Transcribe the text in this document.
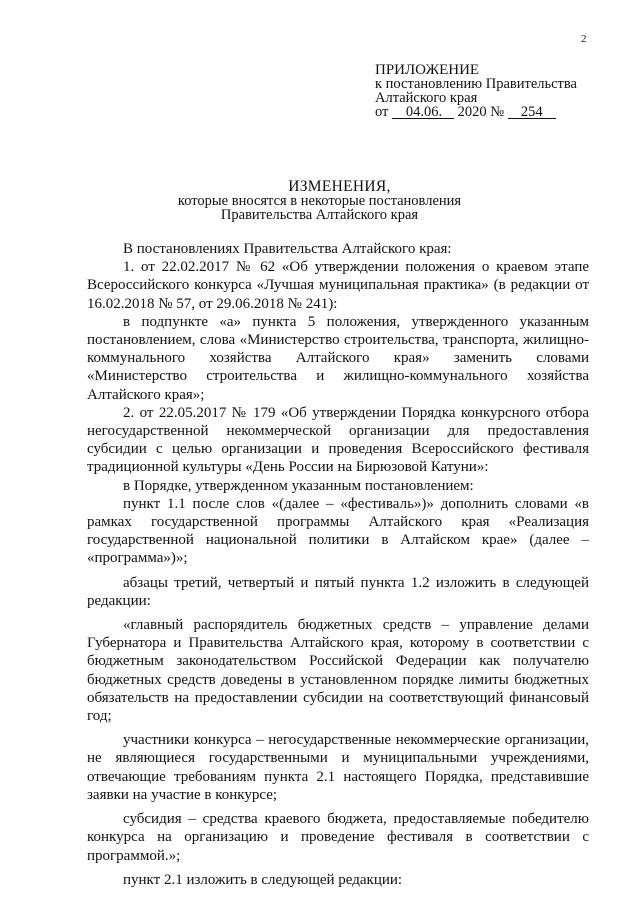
2
ПРИЛОЖЕНИЕ
к постановлению Правительства
Алтайского края
от 04.06. 2020 № 254
ИЗМЕНЕНИЯ,
которые вносятся в некоторые постановления
Правительства Алтайского края

В постановлениях Правительства Алтайского края:

1. от 22.02.2017 № 62 «Об утверждении положения о краевом этапе Всероссийского конкурса «Лучшая муниципальная практика» (в редакции от 16.02.2018 № 57, от 29.06.2018 № 241):

в подпункте «а» пункта 5 положения, утвержденного указанным постановлением, слова «Министерство строительства, транспорта, жилищно-коммунального хозяйства Алтайского края» заменить словами «Министерство строительства и жилищно-коммунального хозяйства Алтайского края»;

2. от 22.05.2017 № 179 «Об утверждении Порядка конкурсного отбора негосударственной некоммерческой организации для предоставления субсидии с целью организации и проведения Всероссийского фестиваля традиционной культуры «День России на Бирюзовой Катуни»:

в Порядке, утвержденном указанным постановлением:

пункт 1.1 после слов «(далее – «фестиваль»)» дополнить словами «в рамках государственной программы Алтайского края «Реализация государственной национальной политики в Алтайском крае» (далее – «программа»)»;

абзацы третий, четвертый и пятый пункта 1.2 изложить в следующей редакции:

«главный распорядитель бюджетных средств – управление делами Губернатора и Правительства Алтайского края, которому в соответствии с бюджетным законодательством Российской Федерации как получателю бюджетных средств доведены в установленном порядке лимиты бюджетных обязательств на предоставлении субсидии на соответствующий финансовый год;

участники конкурса – негосударственные некоммерческие организации, не являющиеся государственными и муниципальными учреждениями, отвечающие требованиям пункта 2.1 настоящего Порядка, представившие заявки на участие в конкурсе;

субсидия – средства краевого бюджета, предоставляемые победителю конкурса на организацию и проведение фестиваля в соответствии с программой.»;

пункт 2.1 изложить в следующей редакции:
